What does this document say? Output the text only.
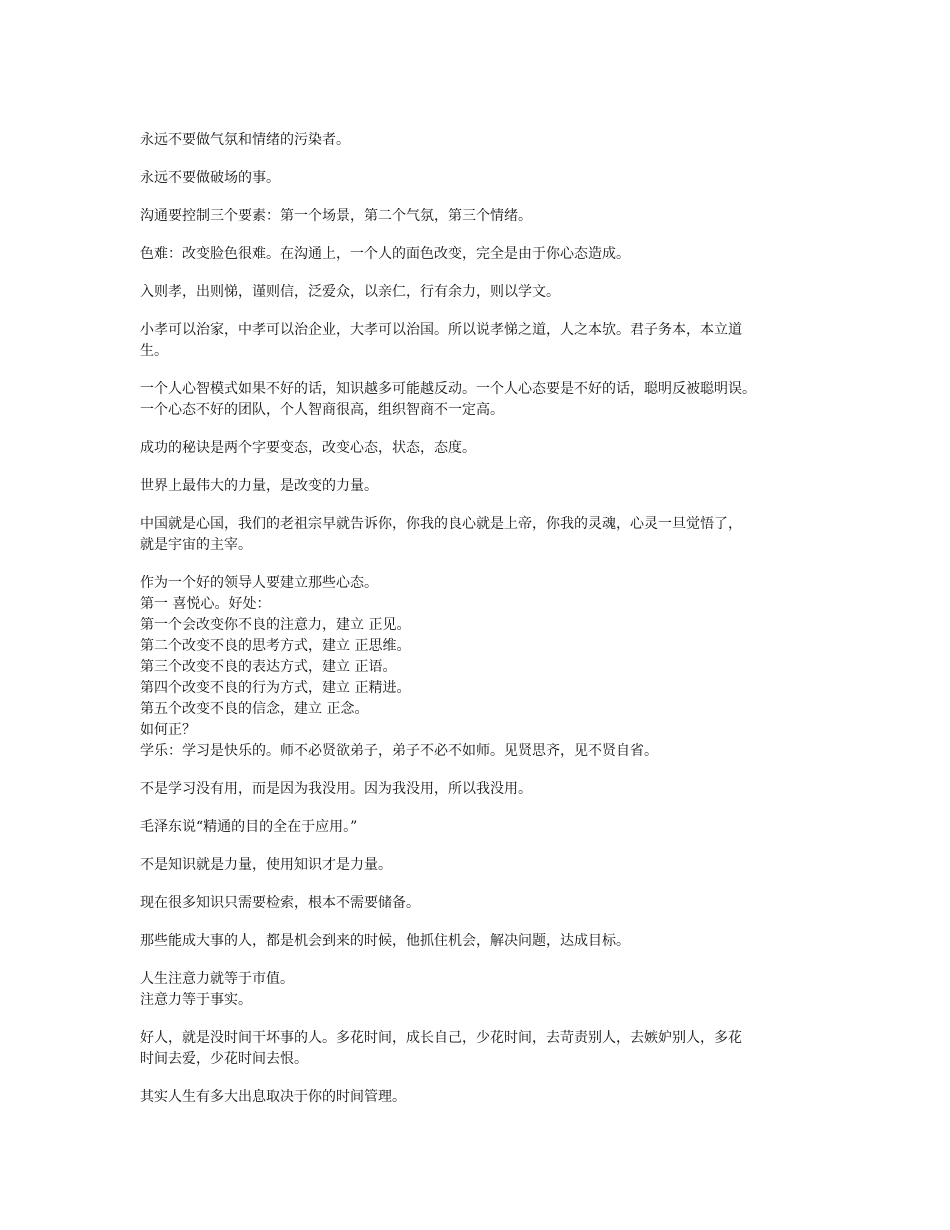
永远不要做气氛和情绪的污染者。

永远不要做破场的事。

沟通要控制三个要素：第一个场景，第二个气氛，第三个情绪。

色难：改变脸色很难。在沟通上，一个人的面色改变，完全是由于你心态造成。

入则孝，出则悌，谨则信，泛爱众，以亲仁，行有余力，则以学文。

小孝可以治家，中孝可以治企业，大孝可以治国。所以说孝悌之道，人之本欤。君子务本，本立道
生。

一个人心智模式如果不好的话，知识越多可能越反动。一个人心态要是不好的话，聪明反被聪明误。
一个心态不好的团队，个人智商很高，组织智商不一定高。

成功的秘诀是两个字要变态，改变心态，状态，态度。

世界上最伟大的力量，是改变的力量。

中国就是心国，我们的老祖宗早就告诉你，你我的良心就是上帝，你我的灵魂，心灵一旦觉悟了，
就是宇宙的主宰。

作为一个好的领导人要建立那些心态。
第一 喜悦心。好处：
第一个会改变你不良的注意力，建立 正见。
第二个改变不良的思考方式，建立 正思维。
第三个改变不良的表达方式，建立 正语。
第四个改变不良的行为方式，建立 正精进。
第五个改变不良的信念，建立 正念。
如何正？
学乐：学习是快乐的。师不必贤欲弟子，弟子不必不如师。见贤思齐，见不贤自省。

不是学习没有用，而是因为我没用。因为我没用，所以我没用。

毛泽东说“精通的目的全在于应用。”

不是知识就是力量，使用知识才是力量。

现在很多知识只需要检索，根本不需要储备。

那些能成大事的人，都是机会到来的时候，他抓住机会，解决问题，达成目标。

人生注意力就等于市值。
注意力等于事实。

好人，就是没时间干坏事的人。多花时间，成长自己，少花时间，去苛责别人，去嫉妒别人，多花
时间去爱，少花时间去恨。

其实人生有多大出息取决于你的时间管理。
